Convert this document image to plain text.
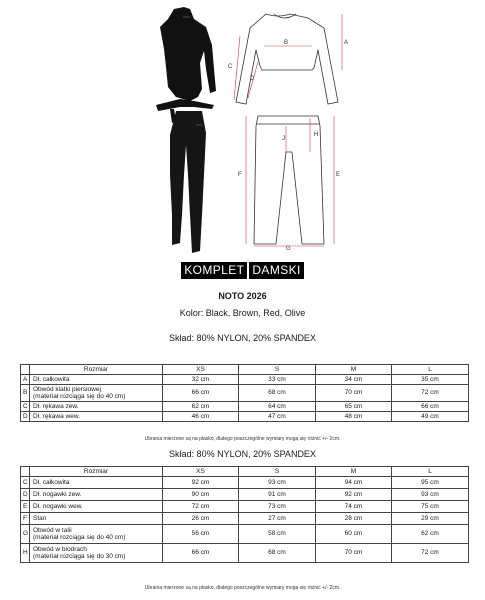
A
B
C
D
E
F
G
H
J
KOMPLET DAMSKI
NOTO 2026
Kolor: Black, Brown, Red, Olive
Skład: 80% NYLON, 20% SPANDEX
	Rozmiar	XS	S	M	L
A	Dł. całkowita	32 cm	33 cm	34 cm	35 cm
B	Obwód klatki piersiowej
(materiał rozciąga się do 40 cm)	66 cm	68 cm	70 cm	72 cm
C	Dł. rękawa zew.	62 cm	64 cm	65 cm	66 cm
D	Dł. rękawa wew.	46 cm	47 cm	48 cm	49 cm
Ubrania mierzone są na płasko, dlatego poszczególne wymiary mogą się różnić +/- 2cm.
Skład: 80% NYLON, 20% SPANDEX
	Rozmiar	XS	S	M	L
C	Dł. całkowita	92 cm	93 cm	94 cm	95 cm
D	Dł. nogawki zew.	90 cm	91 cm	92 cm	93 cm
E	Dł. nogawki wew.	72 cm	73 cm	74 cm	75 cm
F	Stan	26 cm	27 cm	28 cm	29 cm
G	Obwód w talii
(materiał rozciąga się do 40 cm)	56 cm	58 cm	60 cm	62 cm
H	Obwód w biodrach
(materiał rozciąga się do 30 cm)	66 cm	68 cm	70 cm	72 cm
Ubrania mierzone są na płasko, dlatego poszczególne wymiary mogą się różnić +/- 2cm.
